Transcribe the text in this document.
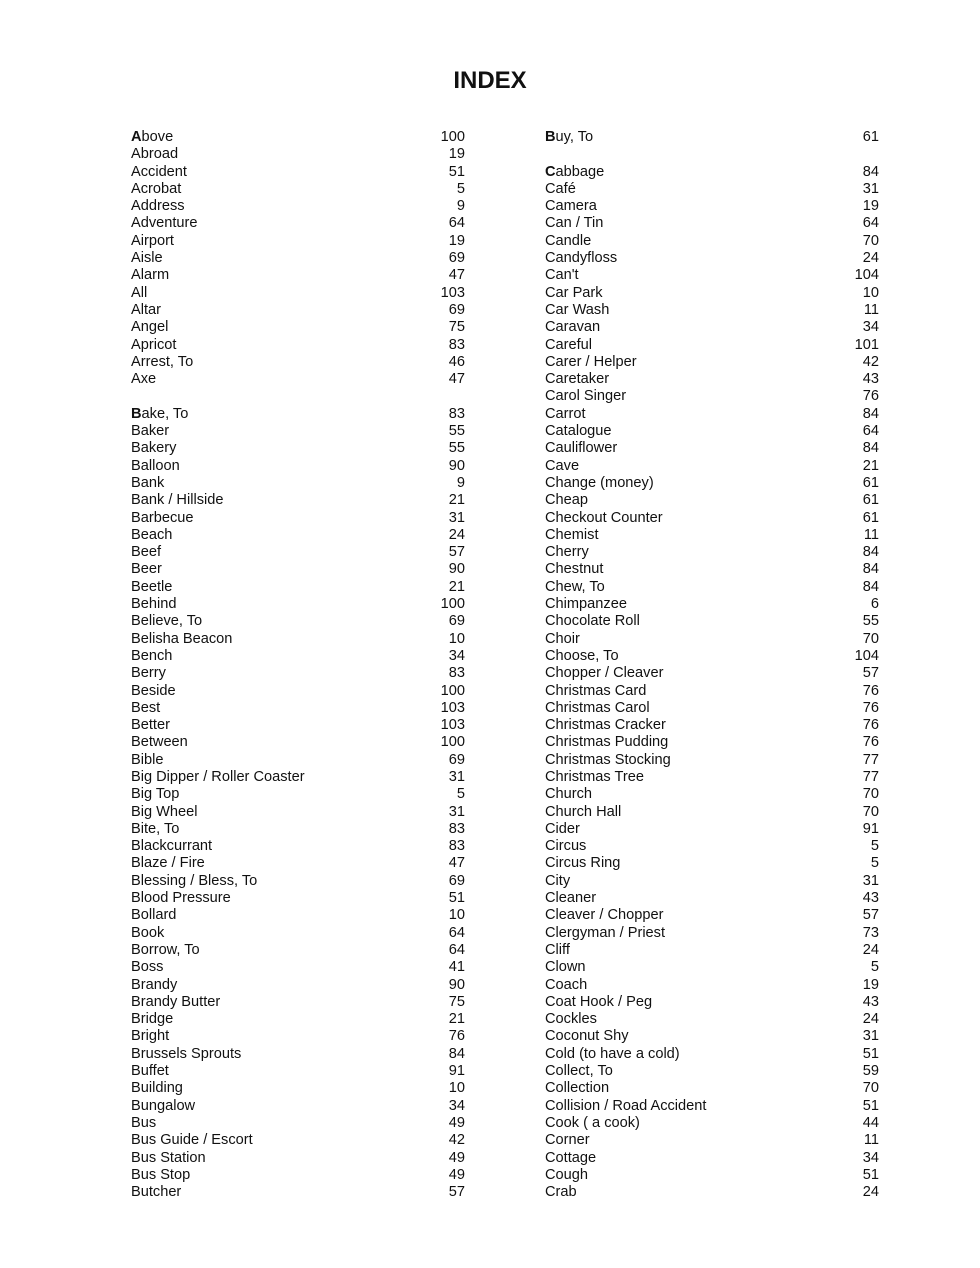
INDEX
Above	100
Abroad	19
Accident	51
Acrobat	5
Address	9
Adventure	64
Airport	19
Aisle	69
Alarm	47
All	103
Altar	69
Angel	75
Apricot	83
Arrest, To	46
Axe	47
Bake, To	83
Baker	55
Bakery	55
Balloon	90
Bank	9
Bank / Hillside	21
Barbecue	31
Beach	24
Beef	57
Beer	90
Beetle	21
Behind	100
Believe, To	69
Belisha Beacon	10
Bench	34
Berry	83
Beside	100
Best	103
Better	103
Between	100
Bible	69
Big Dipper / Roller Coaster	31
Big Top	5
Big Wheel	31
Bite, To	83
Blackcurrant	83
Blaze / Fire	47
Blessing / Bless, To	69
Blood Pressure	51
Bollard	10
Book	64
Borrow, To	64
Boss	41
Brandy	90
Brandy Butter	75
Bridge	21
Bright	76
Brussels Sprouts	84
Buffet	91
Building	10
Bungalow	34
Bus	49
Bus Guide / Escort	42
Bus Station	49
Bus Stop	49
Butcher	57
Buy, To	61
Cabbage	84
Café	31
Camera	19
Can / Tin	64
Candle	70
Candyfloss	24
Can't	104
Car Park	10
Car Wash	11
Caravan	34
Careful	101
Carer / Helper	42
Caretaker	43
Carol Singer	76
Carrot	84
Catalogue	64
Cauliflower	84
Cave	21
Change (money)	61
Cheap	61
Checkout Counter	61
Chemist	11
Cherry	84
Chestnut	84
Chew, To	84
Chimpanzee	6
Chocolate Roll	55
Choir	70
Choose, To	104
Chopper / Cleaver	57
Christmas Card	76
Christmas Carol	76
Christmas Cracker	76
Christmas Pudding	76
Christmas Stocking	77
Christmas Tree	77
Church	70
Church Hall	70
Cider	91
Circus	5
Circus Ring	5
City	31
Cleaner	43
Cleaver / Chopper	57
Clergyman / Priest	73
Cliff	24
Clown	5
Coach	19
Coat Hook / Peg	43
Cockles	24
Coconut Shy	31
Cold (to have a cold)	51
Collect, To	59
Collection	70
Collision / Road Accident	51
Cook ( a cook)	44
Corner	11
Cottage	34
Cough	51
Crab	24
